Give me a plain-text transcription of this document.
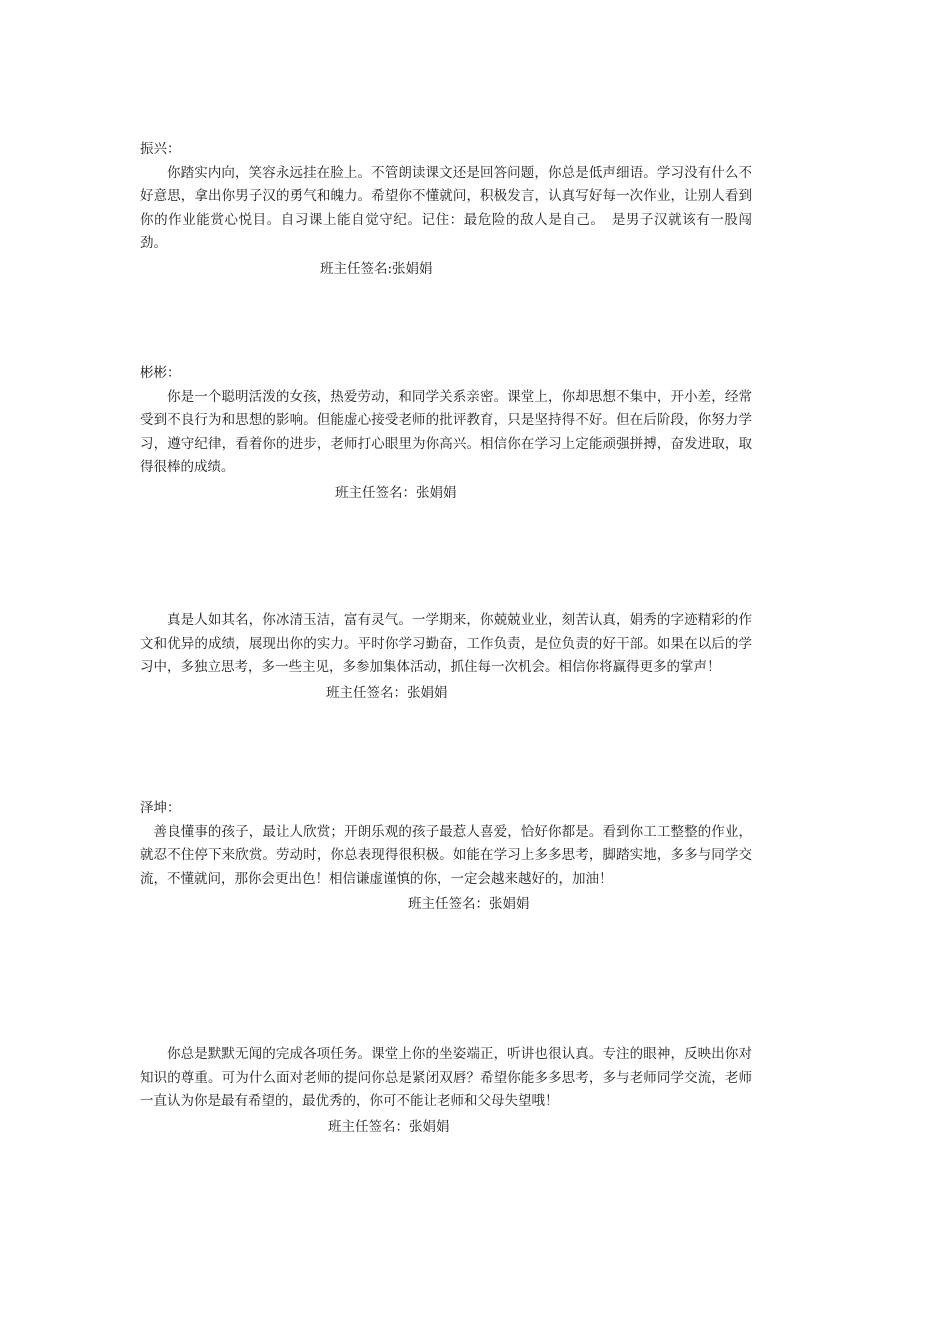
振兴：

你踏实内向，笑容永远挂在脸上。不管朗读课文还是回答问题，你总是低声细语。学习没有什么不好意思，拿出你男子汉的勇气和魄力。希望你不懂就问，积极发言，认真写好每一次作业，让别人看到你的作业能赏心悦目。自习课上能自觉守纪。记住：最危险的敌人是自己。　是男子汉就该有一股闯劲。

班主任签名:张娟娟

彬彬：

你是一个聪明活泼的女孩，热爱劳动，和同学关系亲密。课堂上，你却思想不集中，开小差，经常受到不良行为和思想的影响。但能虚心接受老师的批评教育，只是坚持得不好。但在后阶段，你努力学习，遵守纪律，看着你的进步，老师打心眼里为你高兴。相信你在学习上定能顽强拼搏，奋发进取，取得很棒的成绩。

班主任签名：张娟娟

真是人如其名，你冰清玉洁，富有灵气。一学期来，你兢兢业业，刻苦认真，娟秀的字迹精彩的作文和优异的成绩，展现出你的实力。平时你学习勤奋，工作负责，是位负责的好干部。如果在以后的学习中，多独立思考，多一些主见，多参加集体活动，抓住每一次机会。相信你将赢得更多的掌声！

班主任签名：张娟娟

泽坤：

善良懂事的孩子，最让人欣赏；开朗乐观的孩子最惹人喜爱，恰好你都是。看到你工工整整的作业，就忍不住停下来欣赏。劳动时，你总表现得很积极。如能在学习上多多思考，脚踏实地，多多与同学交流，不懂就问，那你会更出色！相信谦虚谨慎的你，一定会越来越好的，加油！

班主任签名：张娟娟

你总是默默无闻的完成各项任务。课堂上你的坐姿端正，听讲也很认真。专注的眼神，反映出你对知识的尊重。可为什么面对老师的提问你总是紧闭双唇？希望你能多多思考，多与老师同学交流，老师一直认为你是最有希望的，最优秀的，你可不能让老师和父母失望哦！

班主任签名：张娟娟
